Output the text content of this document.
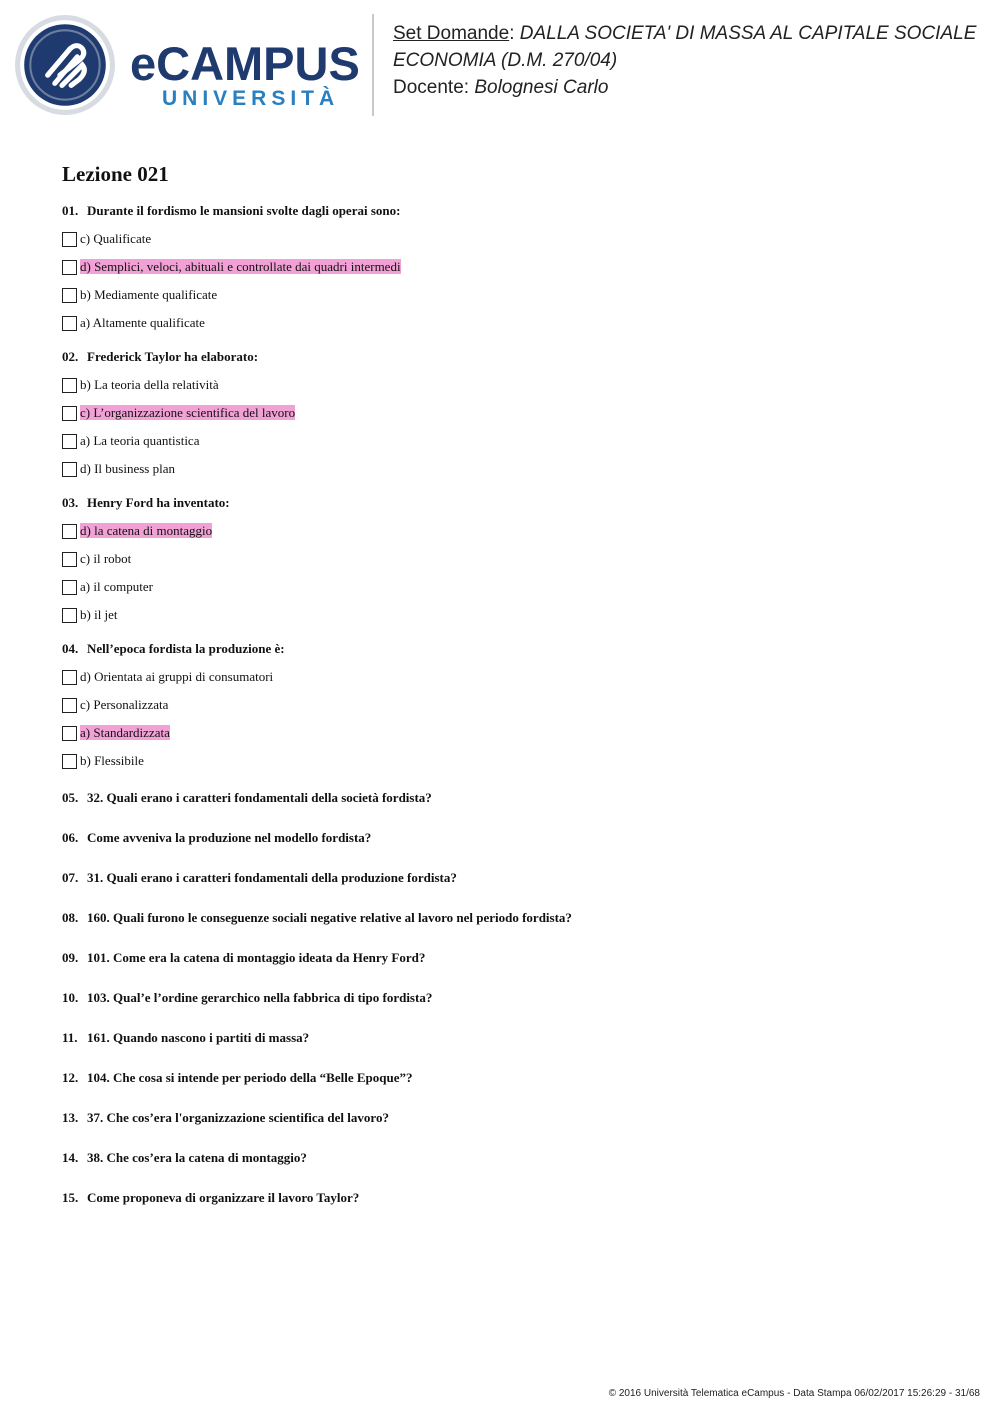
eCAMPUS
UNIVERSITÀ
Set Domande: DALLA SOCIETA' DI MASSA AL CAPITALE SOCIALE
ECONOMIA (D.M. 270/04)
Docente: Bolognesi Carlo
Lezione 021
01. Durante il fordismo le mansioni svolte dagli operai sono:
c) Qualificate
d) Semplici, veloci, abituali e controllate dai quadri intermedi
b) Mediamente qualificate
a) Altamente qualificate
02. Frederick Taylor ha elaborato:
b) La teoria della relatività
c) L’organizzazione scientifica del lavoro
a) La teoria quantistica
d) Il business plan
03. Henry Ford ha inventato:
d) la catena di montaggio
c) il robot
a) il computer
b) il jet
04. Nell’epoca fordista la produzione è:
d) Orientata ai gruppi di consumatori
c) Personalizzata
a) Standardizzata
b) Flessibile
05. 32. Quali erano i caratteri fondamentali della società fordista?
06. Come avveniva la produzione nel modello fordista?
07. 31. Quali erano i caratteri fondamentali della produzione fordista?
08. 160. Quali furono le conseguenze sociali negative relative al lavoro nel periodo fordista?
09. 101. Come era la catena di montaggio ideata da Henry Ford?
10. 103. Qual’e l’ordine gerarchico nella fabbrica di tipo fordista?
11. 161. Quando nascono i partiti di massa?
12. 104. Che cosa si intende per periodo della “Belle Epoque”?
13. 37. Che cos’era l'organizzazione scientifica del lavoro?
14. 38. Che cos’era la catena di montaggio?
15. Come proponeva di organizzare il lavoro Taylor?
© 2016 Università Telematica eCampus - Data Stampa 06/02/2017 15:26:29 - 31/68
